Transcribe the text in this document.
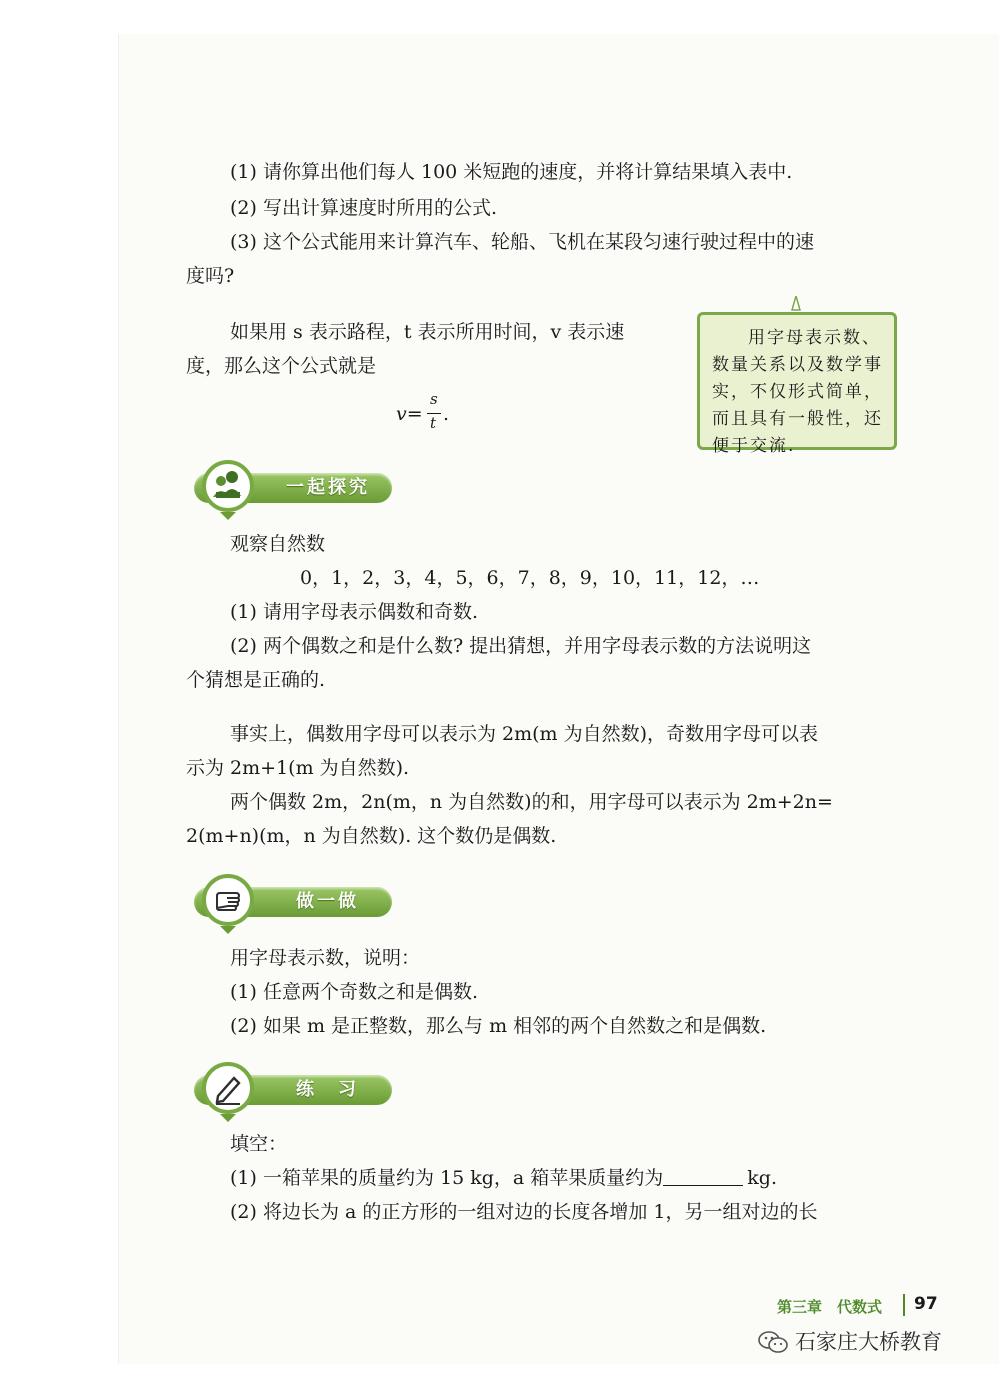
(1) 请你算出他们每人 100 米短跑的速度，并将计算结果填入表中.
(2) 写出计算速度时所用的公式.
(3) 这个公式能用来计算汽车、轮船、飞机在某段匀速行驶过程中的速
度吗?
如果用 s 表示路程，t 表示所用时间，v 表示速
度，那么这个公式就是
v=
s
t .
用字母表示数、
数量关系以及数学事
实，不仅形式简单，
而且具有一般性，还
便于交流.
一起探究
观察自然数
0，1，2，3，4，5，6，7，8，9，10，11，12，…
(1) 请用字母表示偶数和奇数.
(2) 两个偶数之和是什么数? 提出猜想，并用字母表示数的方法说明这
个猜想是正确的.
事实上，偶数用字母可以表示为 2m(m 为自然数)，奇数用字母可以表
示为 2m+1(m 为自然数).
两个偶数 2m，2n(m，n 为自然数)的和，用字母可以表示为 2m+2n=
2(m+n)(m，n 为自然数). 这个数仍是偶数.
做一做
用字母表示数，说明：
(1) 任意两个奇数之和是偶数.
(2) 如果 m 是正整数，那么与 m 相邻的两个自然数之和是偶数.
练　习
填空：
(1) 一箱苹果的质量约为 15 kg，a 箱苹果质量约为	kg.
(2) 将边长为 a 的正方形的一组对边的长度各增加 1，另一组对边的长
第三章　代数式 97
石家庄大桥教育
